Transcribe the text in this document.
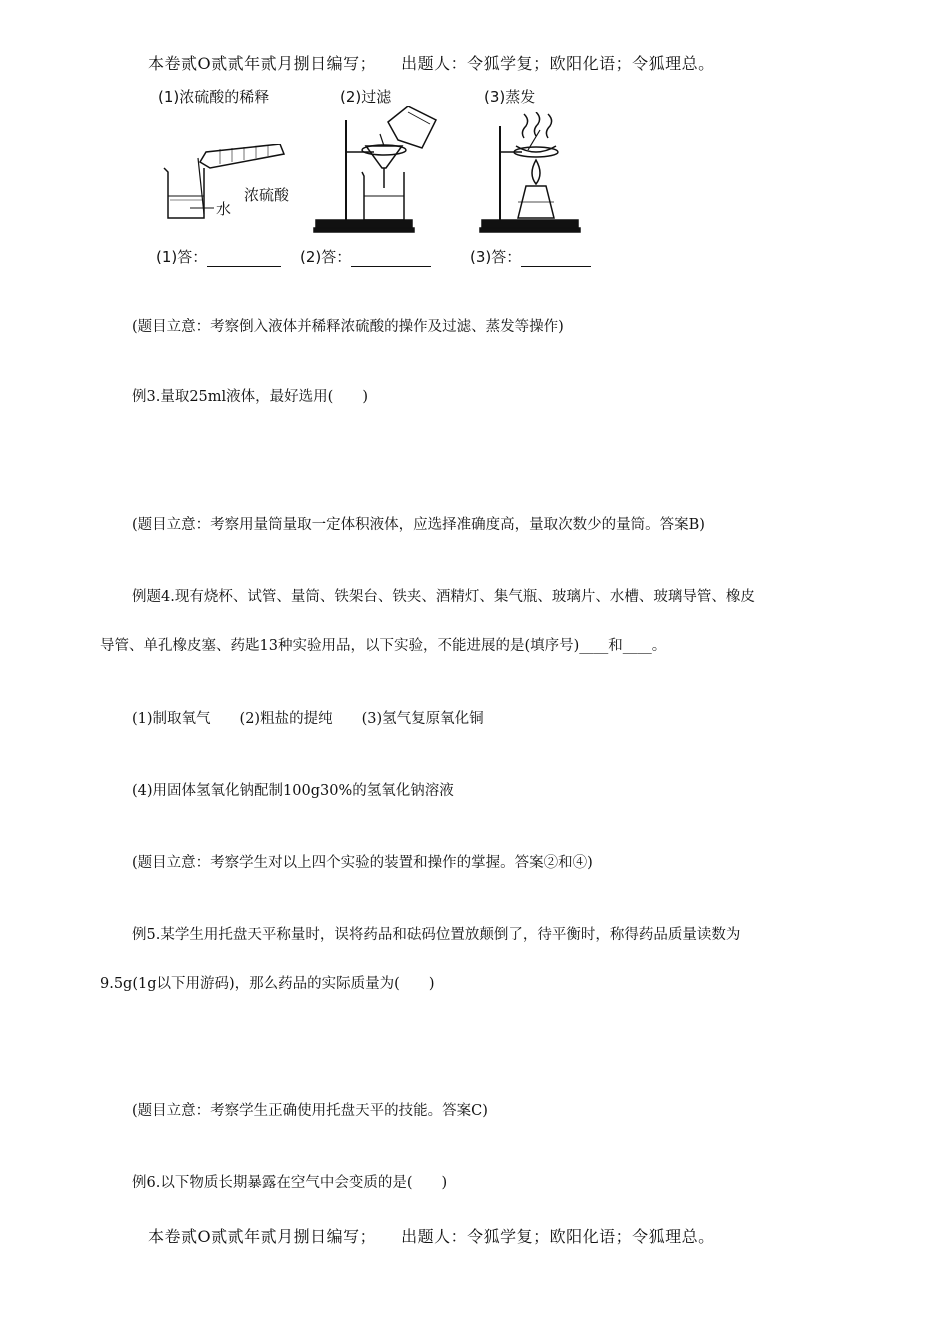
本卷贰O贰贰年贰月捌日编写；　　出题人：令狐学复；欧阳化语；令狐理总。
(1)浓硫酸的稀释	(2)过滤	(3)蒸发
浓硫酸
水
(1)答：	(2)答：	(3)答：
(题目立意：考察倒入液体并稀释浓硫酸的操作及过滤、蒸发等操作)
例3.量取25ml液体，最好选用(　　)
(题目立意：考察用量筒量取一定体积液体，应选择准确度高，量取次数少的量筒。答案B)
例题4.现有烧杯、试管、量筒、铁架台、铁夹、酒精灯、集气瓶、玻璃片、水槽、玻璃导管、橡皮
导管、单孔橡皮塞、药匙13种实验用品，以下实验，不能进展的是(填序号)____和____。
(1)制取氧气　　(2)粗盐的提纯　　(3)氢气复原氧化铜
(4)用固体氢氧化钠配制100g30%的氢氧化钠溶液
(题目立意：考察学生对以上四个实验的装置和操作的掌握。答案②和④)
例5.某学生用托盘天平称量时，误将药品和砝码位置放颠倒了，待平衡时，称得药品质量读数为
9.5g(1g以下用游码)，那么药品的实际质量为(　　)
(题目立意：考察学生正确使用托盘天平的技能。答案C)
例6.以下物质长期暴露在空气中会变质的是(　　)
本卷贰O贰贰年贰月捌日编写；　　出题人：令狐学复；欧阳化语；令狐理总。
